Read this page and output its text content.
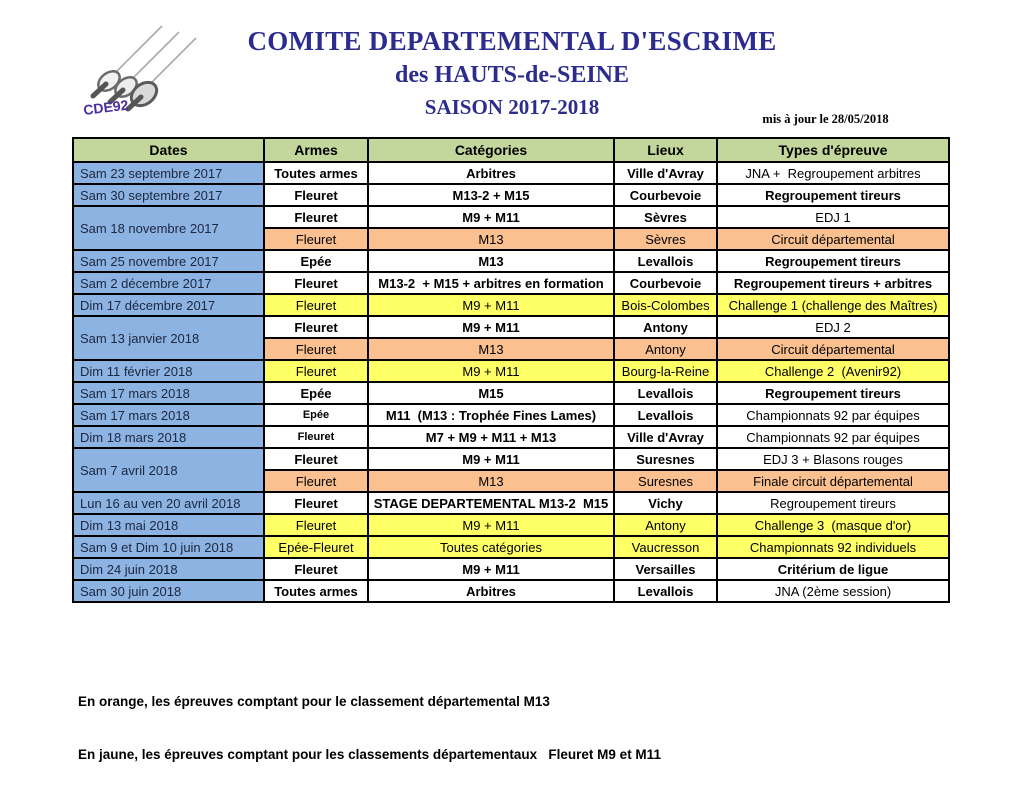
CDE92
COMITE DEPARTEMENTAL D'ESCRIME
des HAUTS-de-SEINE
SAISON 2017-2018	mis à jour le 28/05/2018
Dates	Armes	Catégories	Lieux	Types d'épreuve
Sam 23 septembre 2017	Toutes armes	Arbitres	Ville d'Avray	JNA +  Regroupement arbitres
Sam 30 septembre 2017	Fleuret	M13-2 + M15	Courbevoie	Regroupement tireurs
Sam 18 novembre 2017	Fleuret	M9 + M11	Sèvres	EDJ 1
	Fleuret	M13	Sèvres	Circuit départemental
Sam 25 novembre 2017	Epée	M13	Levallois	Regroupement tireurs
Sam 2 décembre 2017	Fleuret	M13-2  + M15 + arbitres en formation	Courbevoie	Regroupement tireurs + arbitres
Dim 17 décembre 2017	Fleuret	M9 + M11	Bois-Colombes	Challenge 1 (challenge des Maîtres)
Sam 13 janvier 2018	Fleuret	M9 + M11	Antony	EDJ 2
	Fleuret	M13	Antony	Circuit départemental
Dim 11 février 2018	Fleuret	M9 + M11	Bourg-la-Reine	Challenge 2  (Avenir92)
Sam 17 mars 2018	Epée	M15	Levallois	Regroupement tireurs
Sam 17 mars 2018	Epée	M11  (M13 : Trophée Fines Lames)	Levallois	Championnats 92 par équipes
Dim 18 mars 2018	Fleuret	M7 + M9 + M11 + M13	Ville d'Avray	Championnats 92 par équipes
Sam 7 avril 2018	Fleuret	M9 + M11	Suresnes	EDJ 3 + Blasons rouges
	Fleuret	M13	Suresnes	Finale circuit départemental
Lun 16 au ven 20 avril 2018	Fleuret	STAGE DEPARTEMENTAL M13-2  M15	Vichy	Regroupement tireurs
Dim 13 mai 2018	Fleuret	M9 + M11	Antony	Challenge 3  (masque d'or)
Sam 9 et Dim 10 juin 2018	Epée-Fleuret	Toutes catégories	Vaucresson	Championnats 92 individuels
Dim 24 juin 2018	Fleuret	M9 + M11	Versailles	Critérium de ligue
Sam 30 juin 2018	Toutes armes	Arbitres	Levallois	JNA (2ème session)

En orange, les épreuves comptant pour le classement départemental M13

En jaune, les épreuves comptant pour les classements départementaux   Fleuret M9 et M11
